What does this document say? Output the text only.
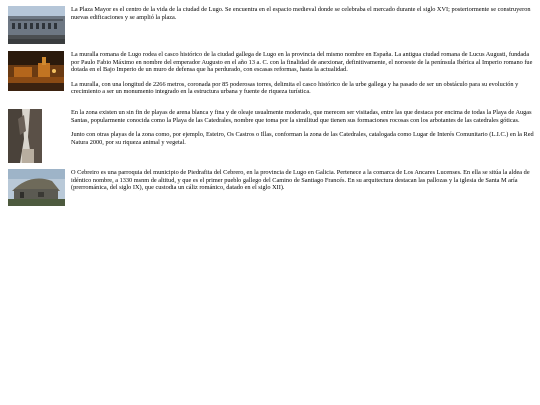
La Plaza Mayor es el centro de la vida de la ciudad de Lugo. Se encuentra en el espacio medieval donde se celebraba el mercado durante el siglo XVI; posteriormente se construyeron nuevas edificaciones y se amplió la plaza.

La muralla romana de Lugo rodea el casco histórico de la ciudad gallega de Lugo en la provincia del mismo nombre en España. La antigua ciudad romana de Lucus Augusti, fundada por Paulo Fabio Máximo en nombre del emperador Augusto en el año 13 a. C. con la finalidad de anexionar, definitivamente, el noroeste de la península Ibérica al Imperio romano fue dotada en el Bajo Imperio de un muro de defensa que ha perdurado, con escasas reformas, hasta la actualidad.

La muralla, con una longitud de 2266 metros, coronada por 85 poderosas torres, delimita el casco histórico de la urbe gallega y ha pasado de ser un obstáculo para su evolución y crecimiento a ser un monumento integrado en la estructura urbana y fuente de riqueza turística.

En la zona existen un sin fin de playas de arena blanca y fina y de oleaje usualmente moderado, que merecen ser visitadas, entre las que destaca por encima de todas la Playa de Augas Santas, popularmente conocida como la Playa de las Catedrales, nombre que toma por la similitud que tienen sus formaciones rocosas con los arbotantes de las catedrales góticas.

Junto con otras playas de la zona como, por ejemplo, Esteiro, Os Castros o Illas, conforman la zona de las Catedrales, catalogada como Lugar de Interés Comunitario (L.I.C.) en la Red Natura 2000, por su riqueza animal y vegetal.

O Cebreiro es una parroquia del municipio de Piedrafita del Cebrero, en la provincia de Lugo en Galicia. Pertenece a la comarca de Los Ancares Lucenses. En ella se sitúa la aldea de idéntico nombre, a 1330 msnm de altitud, y que es el primer pueblo gallego del Camino de Santiago Francés. En su arquitectura destacan las pallozas y la iglesia de Santa M aría (prerrománica, del siglo IX), que custodia un cáliz románico, datado en el siglo XII).
